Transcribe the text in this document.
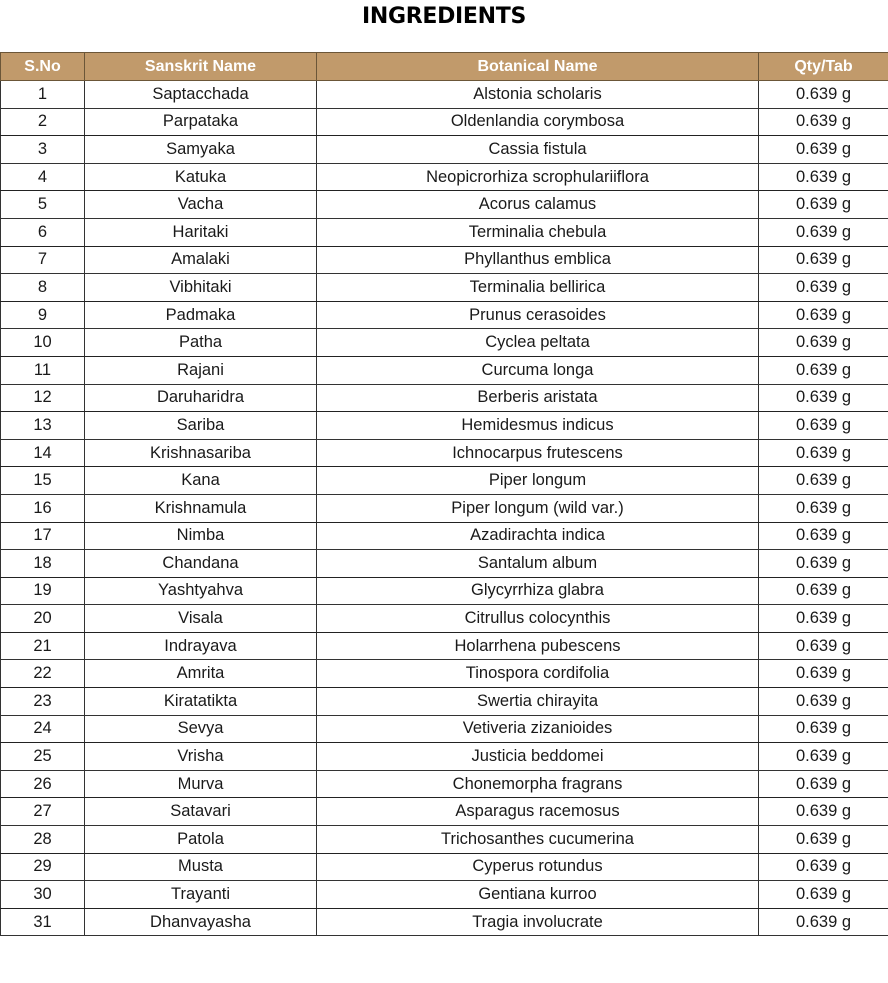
INGREDIENTS
S.No	Sanskrit Name	Botanical Name	Qty/Tab
1	Saptacchada	Alstonia scholaris	0.639 g
2	Parpataka	Oldenlandia corymbosa	0.639 g
3	Samyaka	Cassia fistula	0.639 g
4	Katuka	Neopicrorhiza scrophulariiflora	0.639 g
5	Vacha	Acorus calamus	0.639 g
6	Haritaki	Terminalia chebula	0.639 g
7	Amalaki	Phyllanthus emblica	0.639 g
8	Vibhitaki	Terminalia bellirica	0.639 g
9	Padmaka	Prunus cerasoides	0.639 g
10	Patha	Cyclea peltata	0.639 g
11	Rajani	Curcuma longa	0.639 g
12	Daruharidra	Berberis aristata	0.639 g
13	Sariba	Hemidesmus indicus	0.639 g
14	Krishnasariba	Ichnocarpus frutescens	0.639 g
15	Kana	Piper longum	0.639 g
16	Krishnamula	Piper longum (wild var.)	0.639 g
17	Nimba	Azadirachta indica	0.639 g
18	Chandana	Santalum album	0.639 g
19	Yashtyahva	Glycyrrhiza glabra	0.639 g
20	Visala	Citrullus colocynthis	0.639 g
21	Indrayava	Holarrhena pubescens	0.639 g
22	Amrita	Tinospora cordifolia	0.639 g
23	Kiratatikta	Swertia chirayita	0.639 g
24	Sevya	Vetiveria zizanioides	0.639 g
25	Vrisha	Justicia beddomei	0.639 g
26	Murva	Chonemorpha fragrans	0.639 g
27	Satavari	Asparagus racemosus	0.639 g
28	Patola	Trichosanthes cucumerina	0.639 g
29	Musta	Cyperus rotundus	0.639 g
30	Trayanti	Gentiana kurroo	0.639 g
31	Dhanvayasha	Tragia involucrate	0.639 g
